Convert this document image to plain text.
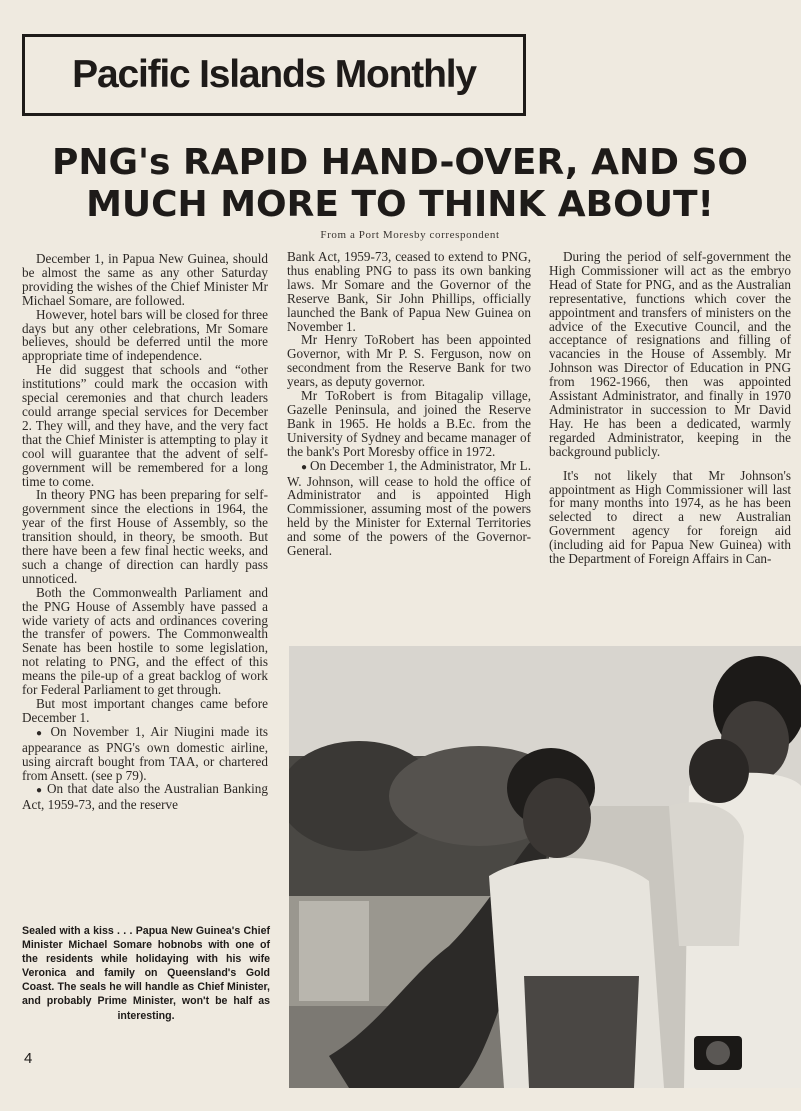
Pacific Islands Monthly
PNG's RAPID HAND-OVER, AND SO
MUCH MORE TO THINK ABOUT!
From a Port Moresby correspondent

December 1, in Papua New Guinea, should be almost the same as any other Saturday providing the wishes of the Chief Minister Mr Michael Somare, are followed.

However, hotel bars will be closed for three days but any other celebrations, Mr Somare believes, should be deferred until the more appropriate time of independence.

He did suggest that schools and “other institutions” could mark the occasion with special ceremonies and that church leaders could arrange special services for December 2. They will, and they have, and the very fact that the Chief Minister is attempting to play it cool will guarantee that the advent of self-government will be remembered for a long time to come.

In theory PNG has been preparing for self-government since the elections in 1964, the year of the first House of Assembly, so the transition should, in theory, be smooth. But there have been a few final hectic weeks, and such a change of direction can hardly pass unnoticed.

Both the Commonwealth Parliament and the PNG House of Assembly have passed a wide variety of acts and ordinances covering the transfer of powers. The Commonwealth Senate has been hostile to some legislation, not relating to PNG, and the effect of this means the pile-up of a great backlog of work for Federal Parliament to get through.

But most important changes came before December 1.

● On November 1, Air Niugini made its appearance as PNG's own domestic airline, using aircraft bought from TAA, or chartered from Ansett. (see p 79).

● On that date also the Australian Banking Act, 1959-73, and the reserve

Bank Act, 1959-73, ceased to extend to PNG, thus enabling PNG to pass its own banking laws. Mr Somare and the Governor of the Reserve Bank, Sir John Phillips, officially launched the Bank of Papua New Guinea on November 1.

Mr Henry ToRobert has been appointed Governor, with Mr P. S. Ferguson, now on secondment from the Reserve Bank for two years, as deputy governor.

Mr ToRobert is from Bitagalip village, Gazelle Peninsula, and joined the Reserve Bank in 1965. He holds a B.Ec. from the University of Sydney and became manager of the bank's Port Moresby office in 1972.

● On December 1, the Administrator, Mr L. W. Johnson, will cease to hold the office of Administrator and is appointed High Commissioner, assuming most of the powers held by the Minister for External Territories and some of the powers of the Governor-General.

During the period of self-government the High Commissioner will act as the embryo Head of State for PNG, and as the Australian representative, functions which cover the appointment and transfers of ministers on the advice of the Executive Council, and the acceptance of resignations and filling of vacancies in the House of Assembly. Mr Johnson was Director of Education in PNG from 1962-1966, then was appointed Assistant Administrator, and finally in 1970 Administrator in succession to Mr David Hay. He has been a dedicated, warmly regarded Administrator, keeping in the background publicly.

It's not likely that Mr Johnson's appointment as High Commissioner will last for many months into 1974, as he has been selected to direct a new Australian Government agency for foreign aid (including aid for Papua New Guinea) with the Department of Foreign Affairs in Can-

Sealed with a kiss . . . Papua New Guinea's Chief Minister Michael Somare hobnobs with one of the residents while holidaying with his wife Veronica and family on Queensland's Gold Coast. The seals he will handle as Chief Minister, and probably Prime Minister, won't be half as interesting.
4
